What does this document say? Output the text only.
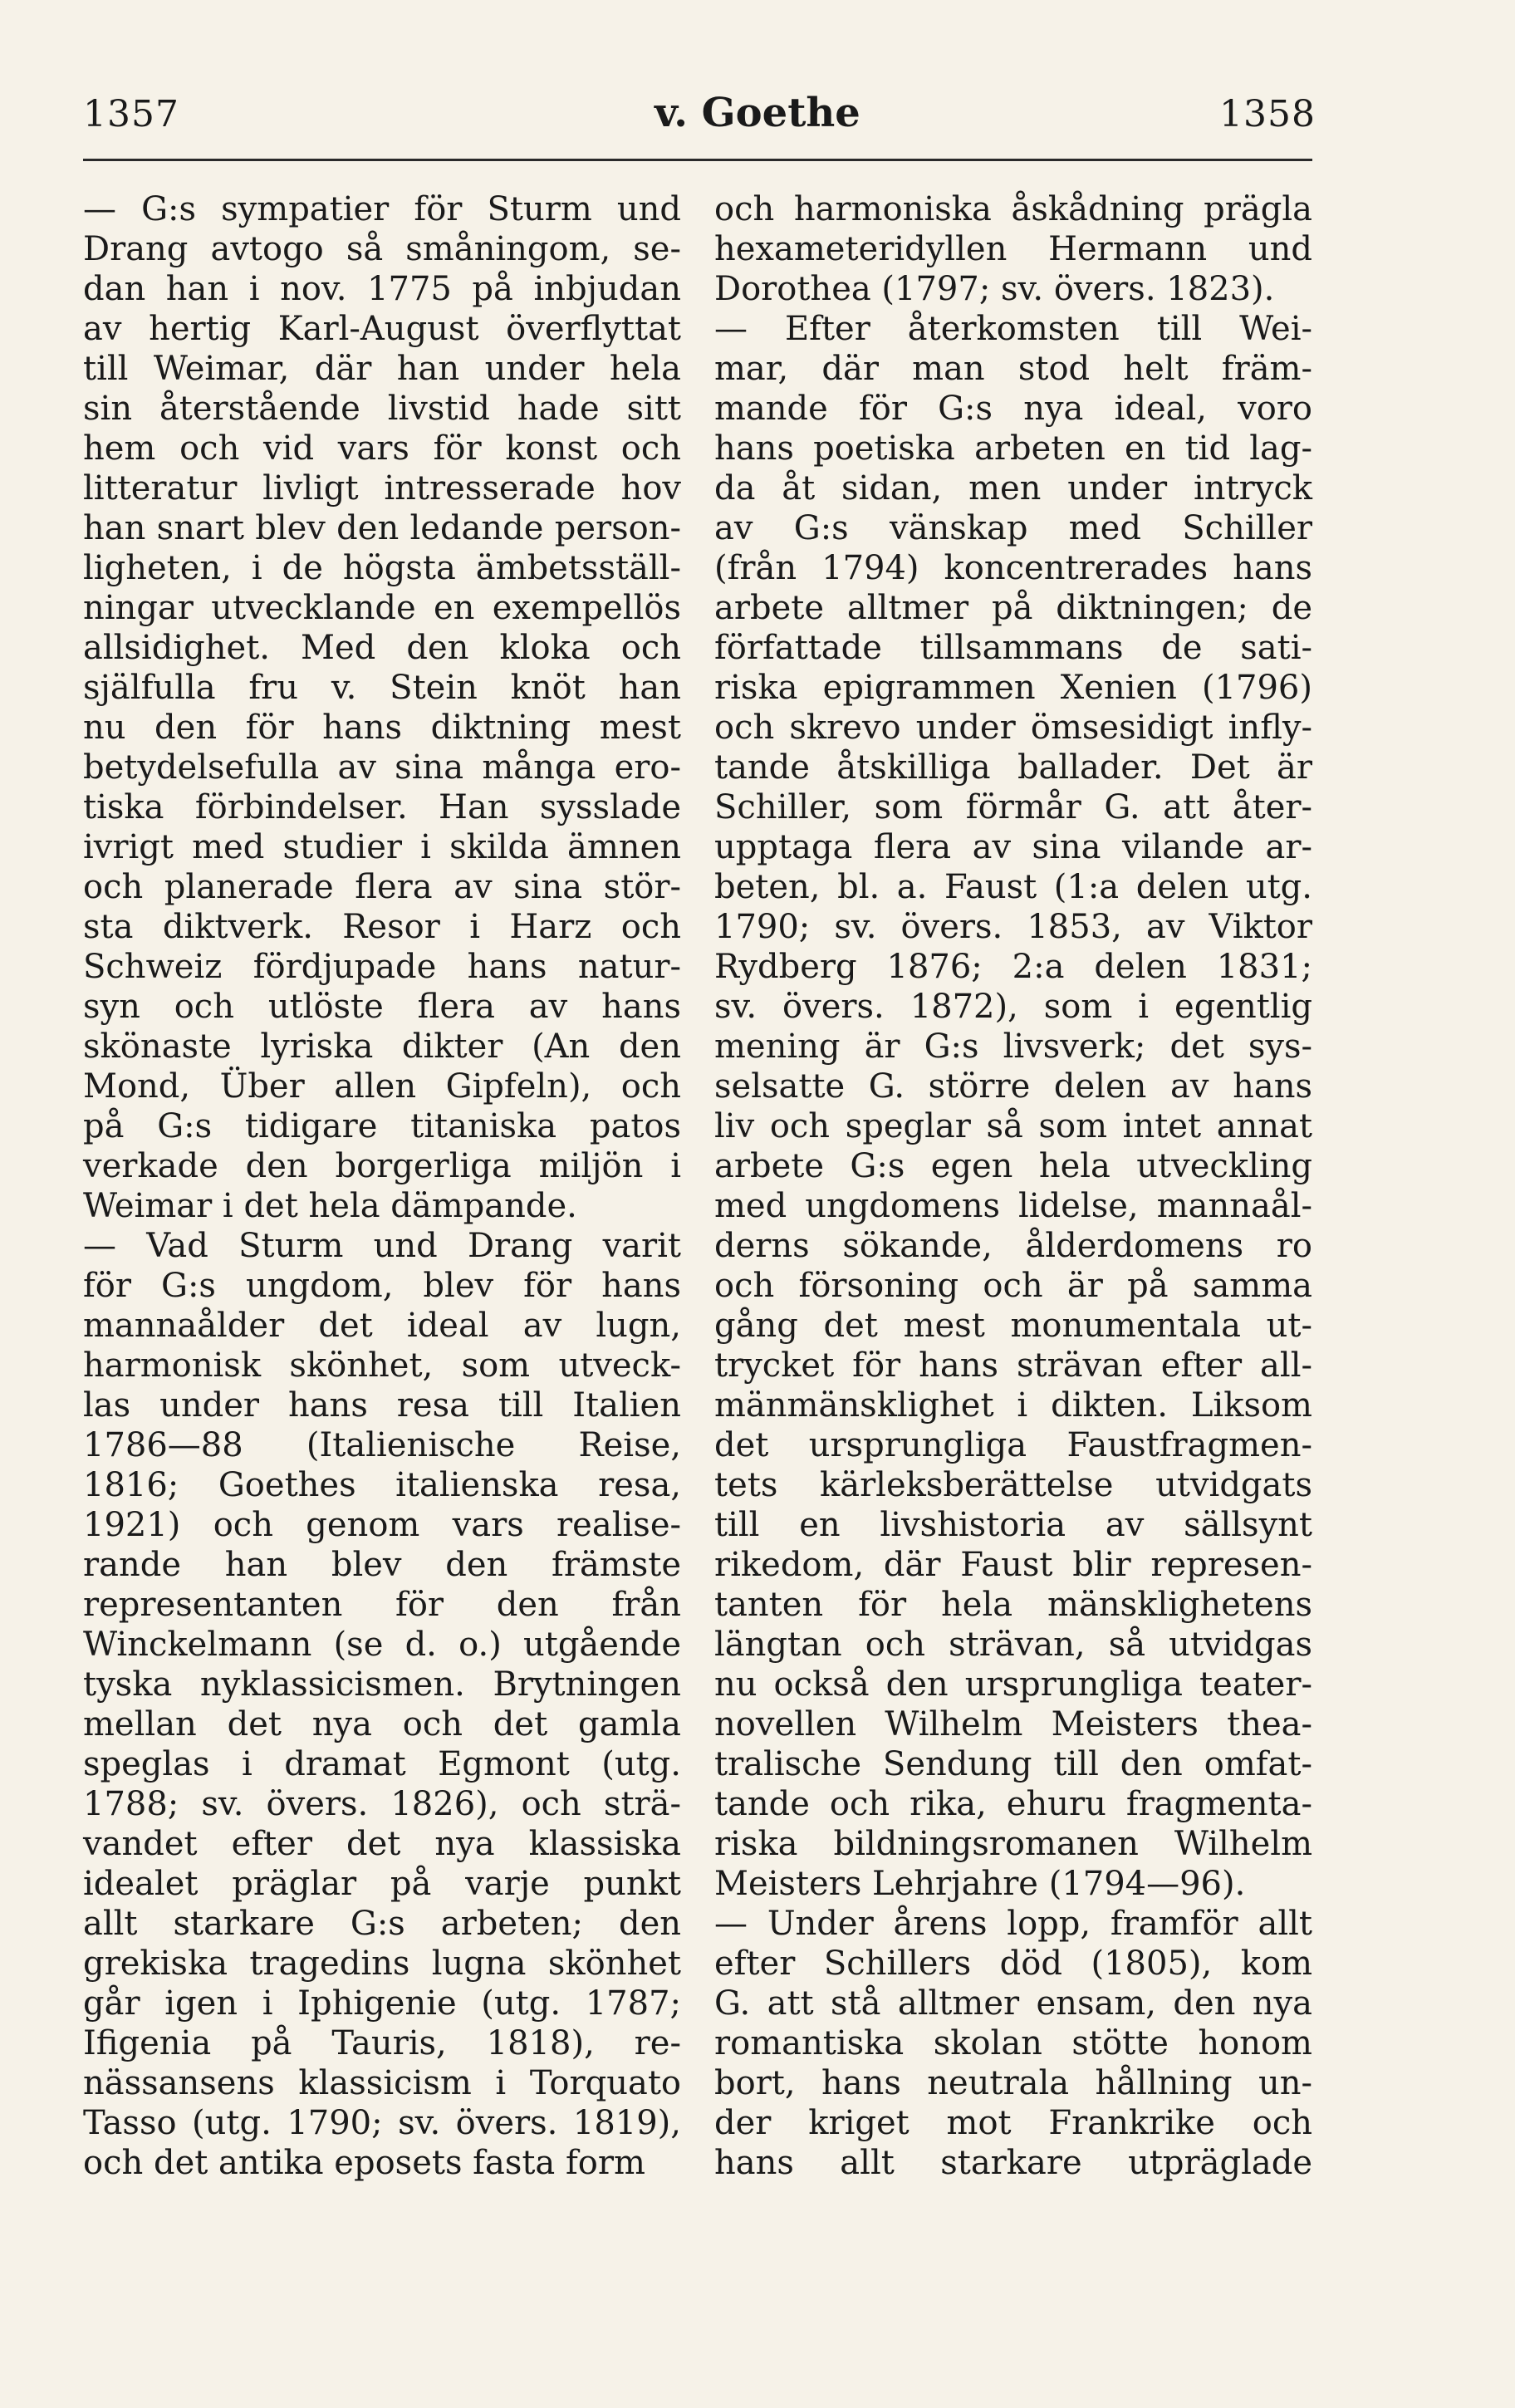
1357	v. Goethe	1358
— G:s sympatier för Sturm und
Drang avtogo så småningom, se-
dan han i nov. 1775 på inbjudan
av hertig Karl-August överflyttat
till Weimar, där han under hela
sin återstående livstid hade sitt
hem och vid vars för konst och
litteratur livligt intresserade hov
han snart blev den ledande person-
ligheten, i de högsta ämbetsställ-
ningar utvecklande en exempellös
allsidighet. Med den kloka och
själfulla fru v. Stein knöt han
nu den för hans diktning mest
betydelsefulla av sina många ero-
tiska förbindelser. Han sysslade
ivrigt med studier i skilda ämnen
och planerade flera av sina stör-
sta diktverk. Resor i Harz och
Schweiz fördjupade hans natur-
syn och utlöste flera av hans
skönaste lyriska dikter (An den
Mond, Über allen Gipfeln), och
på G:s tidigare titaniska patos
verkade den borgerliga miljön i
Weimar i det hela dämpande.
— Vad Sturm und Drang varit
för G:s ungdom, blev för hans
mannaålder det ideal av lugn,
harmonisk skönhet, som utveck-
las under hans resa till Italien
1786—88 (Italienische Reise,
1816; Goethes italienska resa,
1921) och genom vars realise-
rande han blev den främste
representanten för den från
Winckelmann (se d. o.) utgående
tyska nyklassicismen. Brytningen
mellan det nya och det gamla
speglas i dramat Egmont (utg.
1788; sv. övers. 1826), och strä-
vandet efter det nya klassiska
idealet präglar på varje punkt
allt starkare G:s arbeten; den
grekiska tragedins lugna skönhet
går igen i Iphigenie (utg. 1787;
Ifigenia på Tauris, 1818), re-
nässansens klassicism i Torquato
Tasso (utg. 1790; sv. övers. 1819),
och det antika eposets fasta form
och harmoniska åskådning prägla
hexameteridyllen Hermann und
Dorothea (1797; sv. övers. 1823).
— Efter återkomsten till Wei-
mar, där man stod helt främ-
mande för G:s nya ideal, voro
hans poetiska arbeten en tid lag-
da åt sidan, men under intryck
av G:s vänskap med Schiller
(från 1794) koncentrerades hans
arbete alltmer på diktningen; de
författade tillsammans de sati-
riska epigrammen Xenien (1796)
och skrevo under ömsesidigt infly-
tande åtskilliga ballader. Det är
Schiller, som förmår G. att åter-
upptaga flera av sina vilande ar-
beten, bl. a. Faust (1:a delen utg.
1790; sv. övers. 1853, av Viktor
Rydberg 1876; 2:a delen 1831;
sv. övers. 1872), som i egentlig
mening är G:s livsverk; det sys-
selsatte G. större delen av hans
liv och speglar så som intet annat
arbete G:s egen hela utveckling
med ungdomens lidelse, mannaål-
derns sökande, ålderdomens ro
och försoning och är på samma
gång det mest monumentala ut-
trycket för hans strävan efter all-
mänmänsklighet i dikten. Liksom
det ursprungliga Faustfragmen-
tets kärleksberättelse utvidgats
till en livshistoria av sällsynt
rikedom, där Faust blir represen-
tanten för hela mänsklighetens
längtan och strävan, så utvidgas
nu också den ursprungliga teater-
novellen Wilhelm Meisters thea-
tralische Sendung till den omfat-
tande och rika, ehuru fragmenta-
riska bildningsromanen Wilhelm
Meisters Lehrjahre (1794—96).
— Under årens lopp, framför allt
efter Schillers död (1805), kom
G. att stå alltmer ensam, den nya
romantiska skolan stötte honom
bort, hans neutrala hållning un-
der kriget mot Frankrike och
hans allt starkare utpräglade
